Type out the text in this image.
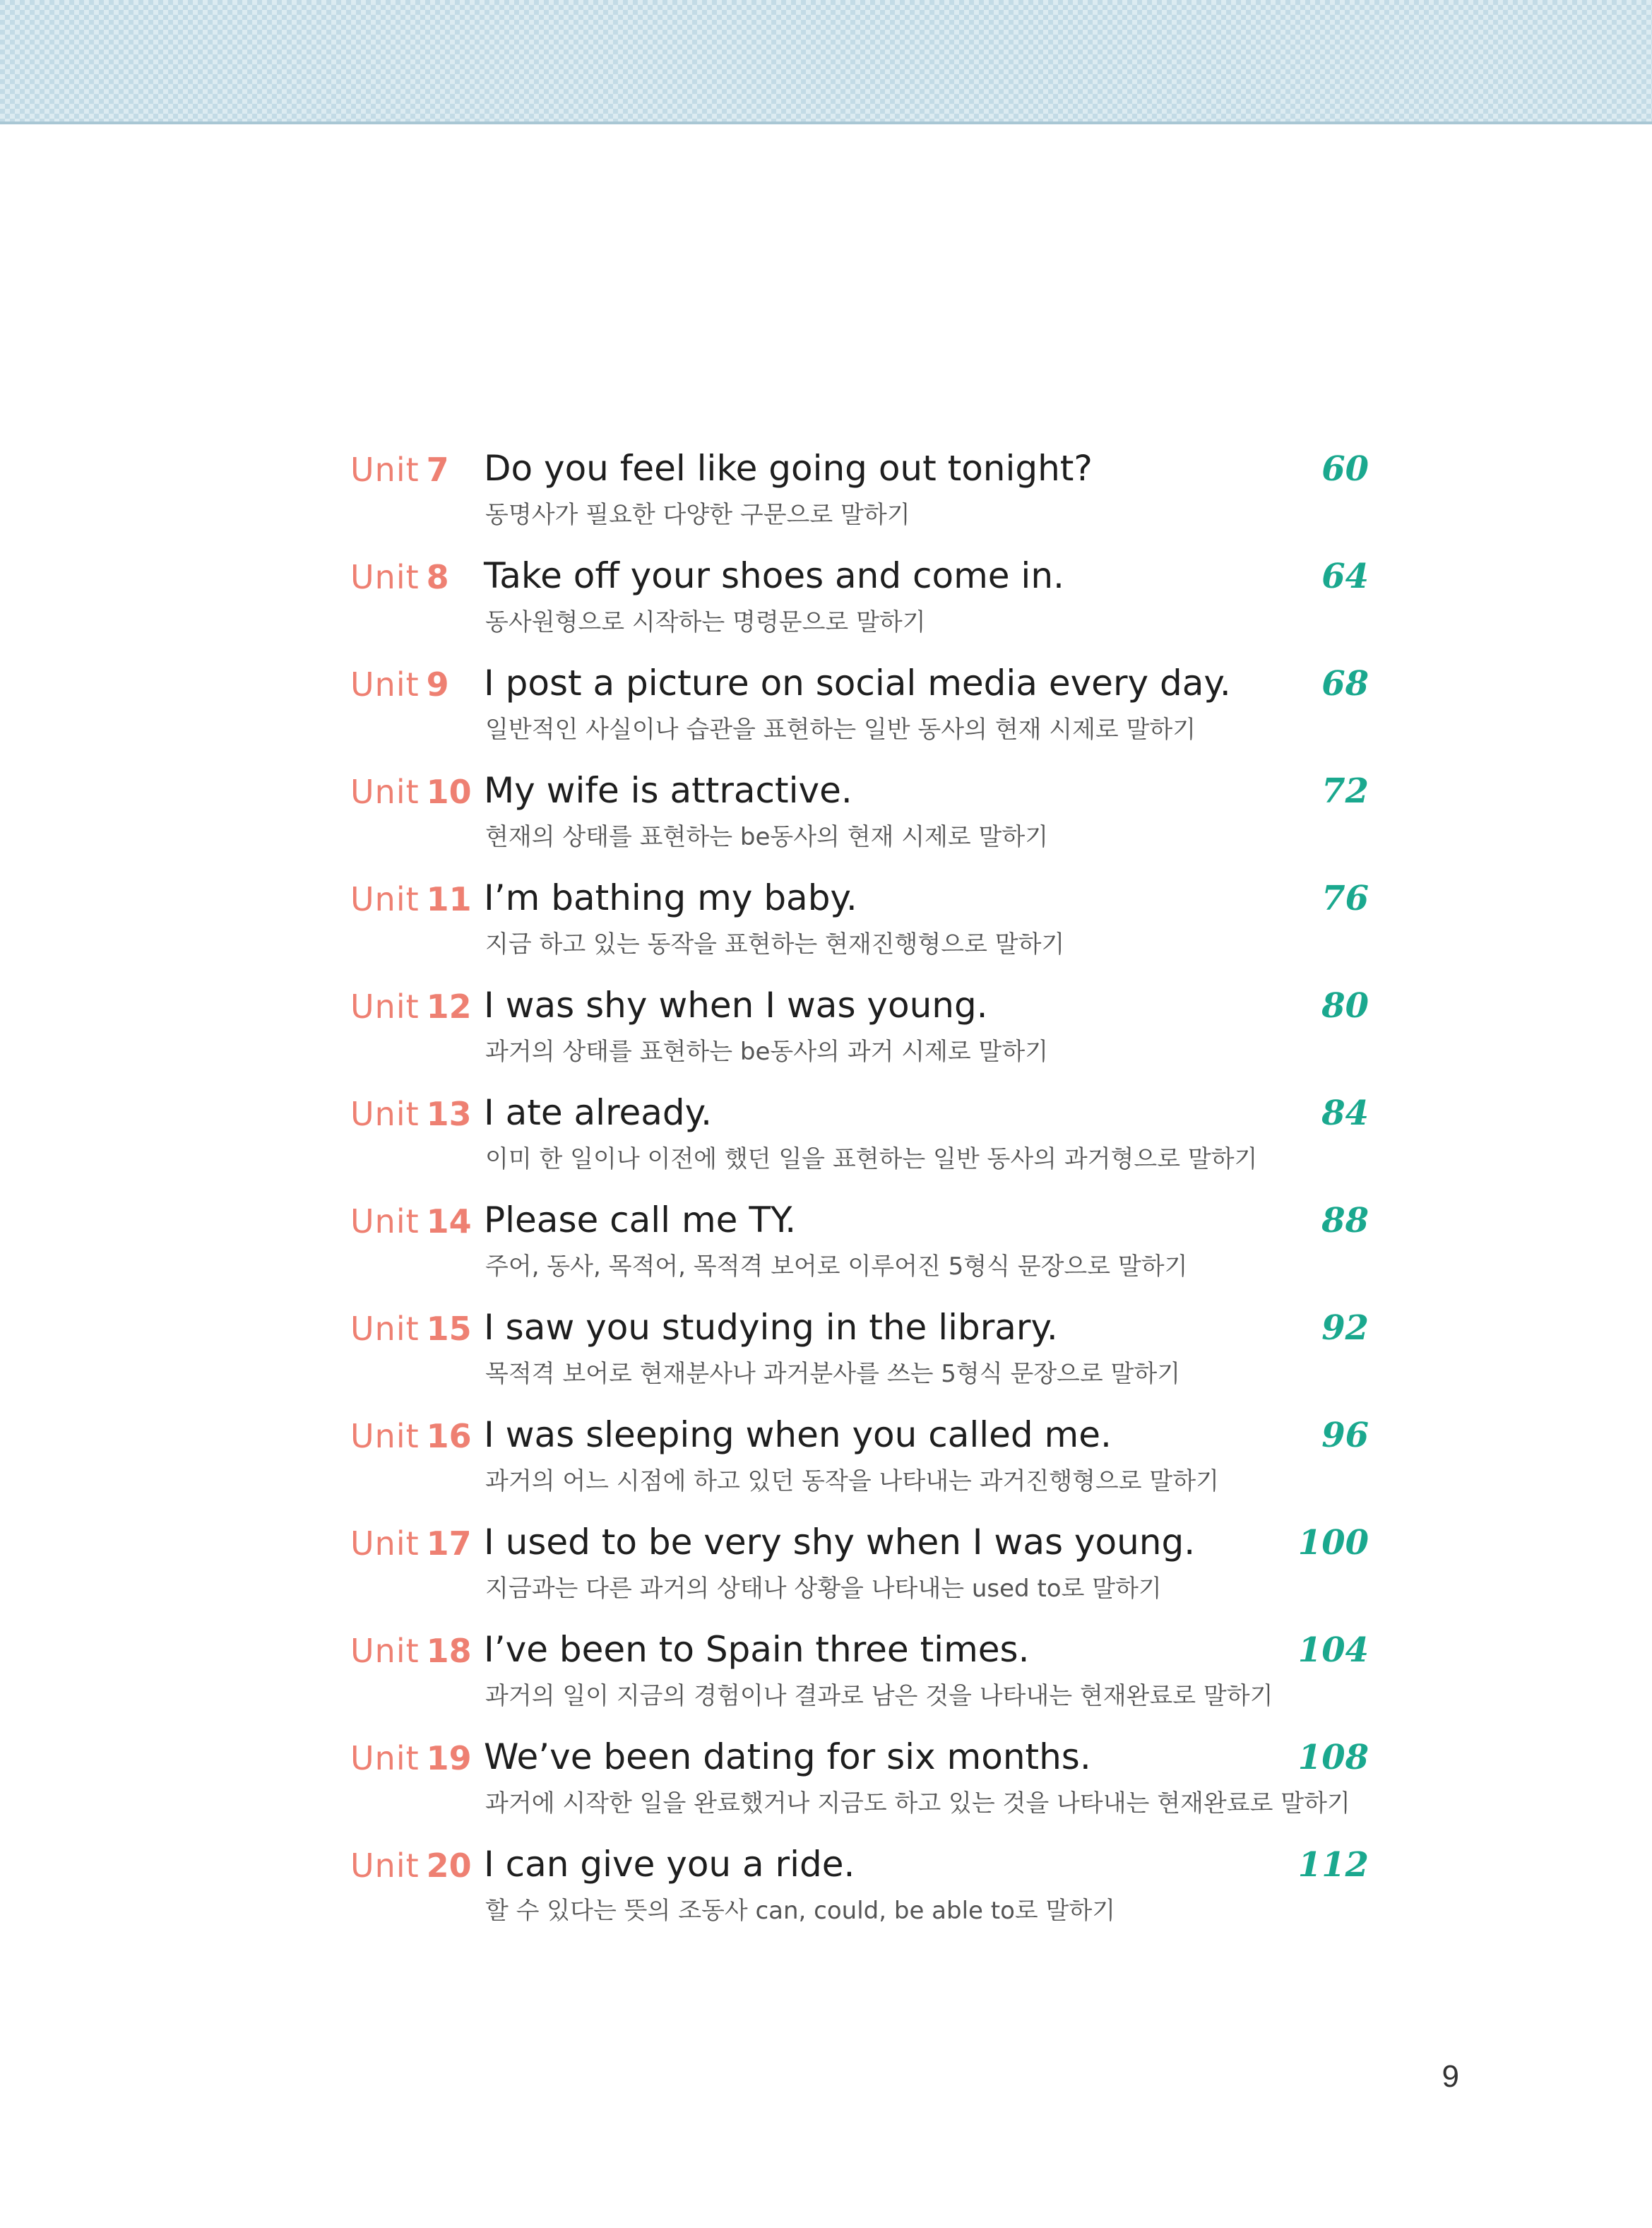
Unit 7 Do you feel like going out tonight?
동명사가 필요한 다양한 구문으로 말하기
60
Unit 8 Take off your shoes and come in.
동사원형으로 시작하는 명령문으로 말하기
64
Unit 9 I post a picture on social media every day.
일반적인 사실이나 습관을 표현하는 일반 동사의 현재 시제로 말하기
68
Unit 10 My wife is attractive.
현재의 상태를 표현하는 be동사의 현재 시제로 말하기
72
Unit 11 I’m bathing my baby.
지금 하고 있는 동작을 표현하는 현재진행형으로 말하기
76
Unit 12 I was shy when I was young.
과거의 상태를 표현하는 be동사의 과거 시제로 말하기
80
Unit 13 I ate already.
이미 한 일이나 이전에 했던 일을 표현하는 일반 동사의 과거형으로 말하기
84
Unit 14 Please call me TY.
주어, 동사, 목적어, 목적격 보어로 이루어진 5형식 문장으로 말하기
88
Unit 15 I saw you studying in the library.
목적격 보어로 현재분사나 과거분사를 쓰는 5형식 문장으로 말하기
92
Unit 16 I was sleeping when you called me.
과거의 어느 시점에 하고 있던 동작을 나타내는 과거진행형으로 말하기
96
Unit 17 I used to be very shy when I was young.
지금과는 다른 과거의 상태나 상황을 나타내는 used to로 말하기
100
Unit 18 I’ve been to Spain three times.
과거의 일이 지금의 경험이나 결과로 남은 것을 나타내는 현재완료로 말하기
104
Unit 19 We’ve been dating for six months.
과거에 시작한 일을 완료했거나 지금도 하고 있는 것을 나타내는 현재완료로 말하기
108
Unit 20 I can give you a ride.
할 수 있다는 뜻의 조동사 can, could, be able to로 말하기
112
9
